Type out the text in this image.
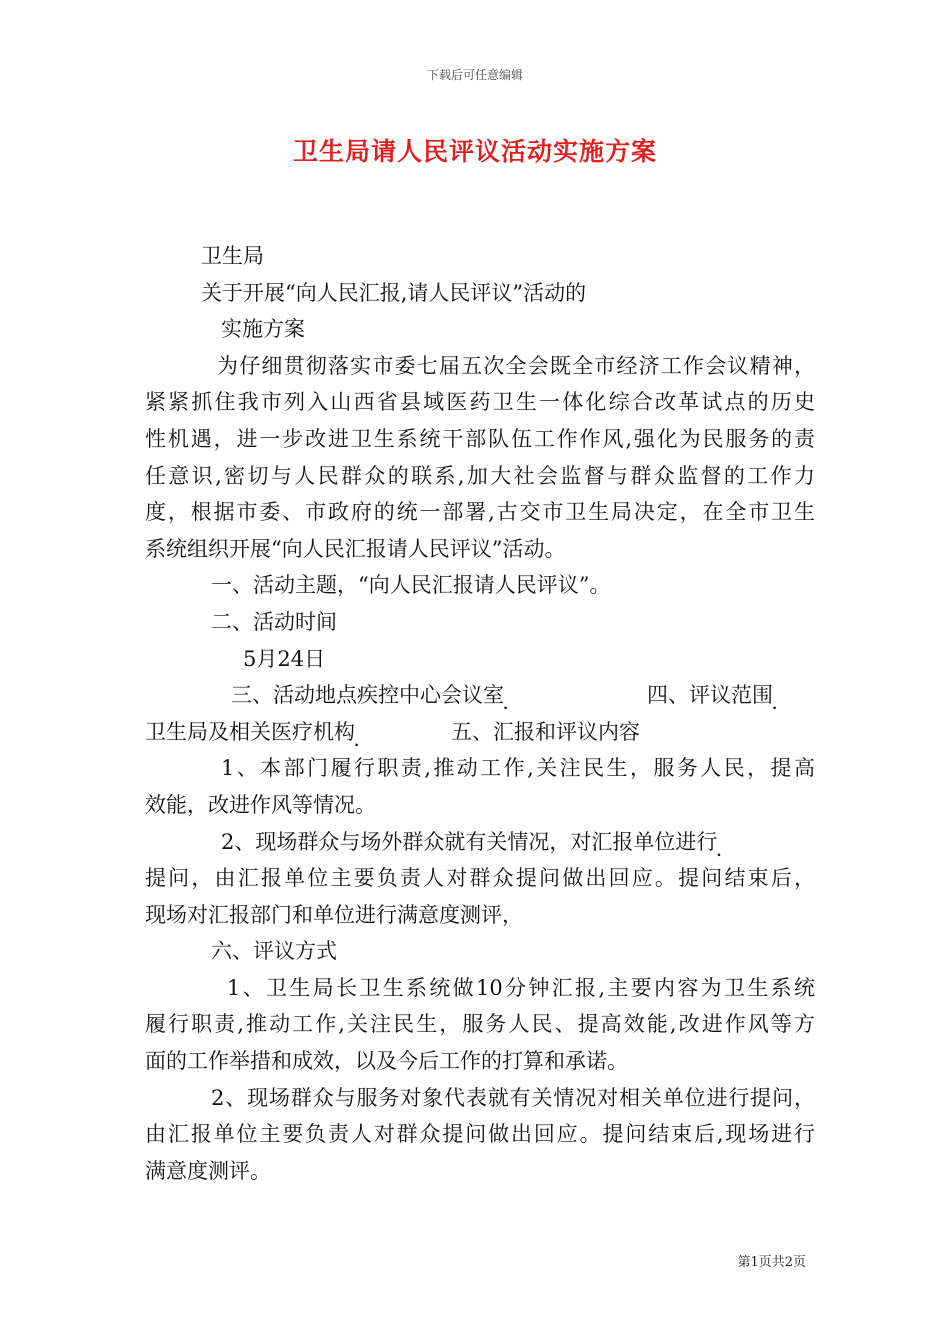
下载后可任意编辑
卫生局请人民评议活动实施方案
卫生局
关于开展“向人民汇报,请人民评议”活动的
实施方案
为仔细贯彻落实市委七届五次全会既全市经济工作会议精神，
紧紧抓住我市列入山西省县域医药卫生一体化综合改革试点的历史
性机遇，进一步改进卫生系统干部队伍工作作风,强化为民服务的责
任意识,密切与人民群众的联系,加大社会监督与群众监督的工作力
度，根据市委、市政府的统一部署,古交市卫生局决定，在全市卫生
系统组织开展“向人民汇报请人民评议”活动。
一、活动主题，“向人民汇报请人民评议”。
二、活动时间
5月24日
三、活动地点疾控中心会议室	四、评议范围
卫生局及相关医疗机构	五、汇报和评议内容
1、本部门履行职责,推动工作,关注民生，服务人民，提高
效能，改进作风等情况。
2、现场群众与场外群众就有关情况，对汇报单位进行
提问，由汇报单位主要负责人对群众提问做出回应。提问结束后，
现场对汇报部门和单位进行满意度测评，
六、评议方式
1、卫生局长卫生系统做10分钟汇报,主要内容为卫生系统
履行职责,推动工作,关注民生，服务人民、提高效能,改进作风等方
面的工作举措和成效，以及今后工作的打算和承诺。
2、现场群众与服务对象代表就有关情况对相关单位进行提问，
由汇报单位主要负责人对群众提问做出回应。提问结束后,现场进行
满意度测评。
第1页共2页
